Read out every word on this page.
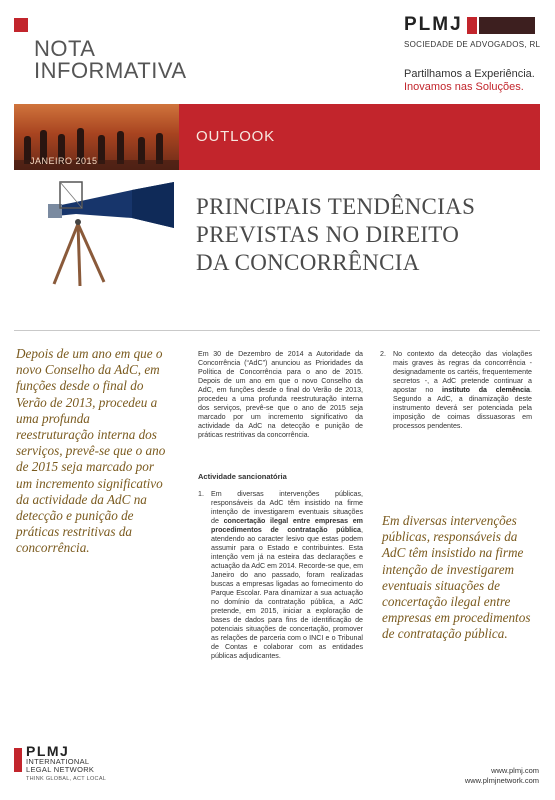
NOTA
INFORMATIVA
PLMJ
SOCIEDADE DE ADVOGADOS, RL
Partilhamos a Experiência.
Inovamos nas Soluções.
JANEIRO 2015
OUTLOOK
PRINCIPAIS TENDÊNCIAS
PREVISTAS NO DIREITO
DA CONCORRÊNCIA
Depois de um ano em que o novo Conselho da AdC, em funções desde o final do Verão de 2013, procedeu a uma profunda reestruturação interna dos serviços, prevê-se que o ano de 2015 seja marcado por um incremento significativo da actividade da AdC na detecção e punição de práticas restritivas da concorrência.
Em 30 de Dezembro de 2014 a Autoridade da Concorrência (“AdC”) anunciou as Prioridades da Política de Concorrência para o ano de 2015. Depois de um ano em que o novo Conselho da AdC, em funções desde o final do Verão de 2013, procedeu a uma profunda reestruturação interna dos serviços, prevê-se que o ano de 2015 seja marcado por um incremento significativo da actividade da AdC na detecção e punição de práticas restritivas da concorrência.
Actividade sancionatória
1. Em diversas intervenções públicas, responsáveis da AdC têm insistido na firme intenção de investigarem eventuais situações de concertação ilegal entre empresas em procedimentos de contratação pública, atendendo ao caracter lesivo que estas podem assumir para o Estado e contribuintes. Esta intenção vem já na esteira das declarações e actuação da AdC em 2014. Recorde-se que, em Janeiro do ano passado, foram realizadas buscas a empresas ligadas ao fornecimento do Parque Escolar. Para dinamizar a sua actuação no domínio da contratação pública, a AdC pretende, em 2015, iniciar a exploração de bases de dados para fins de identificação de potenciais situações de concertação, promover as relações de parceria com o INCI e o Tribunal de Contas e colaborar com as entidades públicas adjudicantes.
2. No contexto da detecção das violações mais graves às regras da concorrência - designadamente os cartéis, frequentemente secretos -, a AdC pretende continuar a apostar no instituto da clemência. Segundo a AdC, a dinamização deste instrumento deverá ser potenciada pela imposição de coimas dissuasoras em processos pendentes.
Em diversas intervenções públicas, responsáveis da AdC têm insistido na firme intenção de investigarem eventuais situações de concertação ilegal entre empresas em procedimentos de contratação pública.
PLMJ
INTERNATIONAL
LEGAL NETWORK
THINK GLOBAL, ACT LOCAL
www.plmj.com
www.plmjnetwork.com
